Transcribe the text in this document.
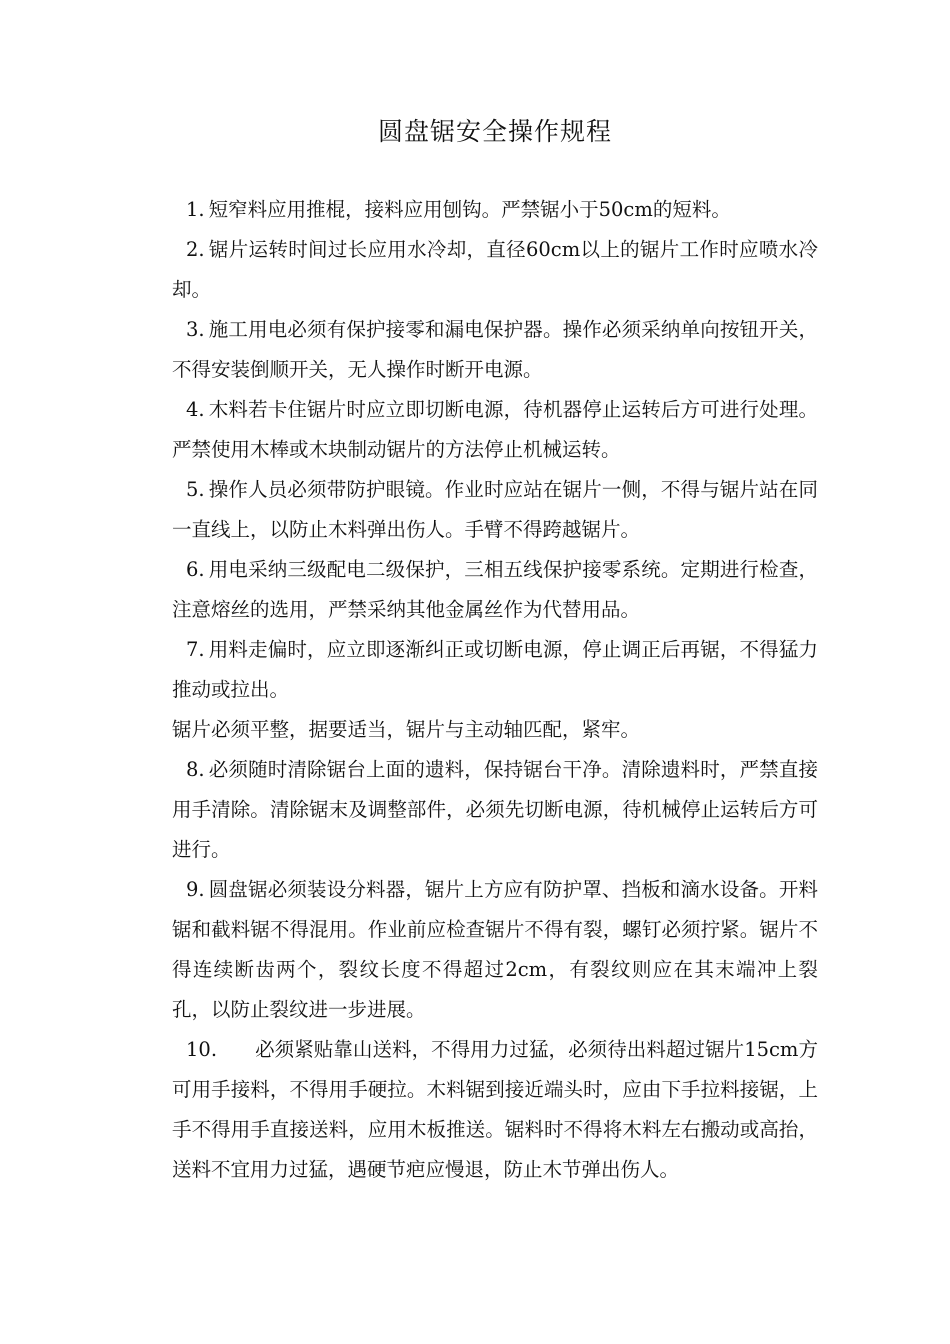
圆盘锯安全操作规程

1. 短窄料应用推棍，接料应用刨钩。严禁锯小于50cm的短料。

2. 锯片运转时间过长应用水冷却，直径60cm以上的锯片工作时应喷水冷却。

3. 施工用电必须有保护接零和漏电保护器。操作必须采纳单向按钮开关，不得安装倒顺开关，无人操作时断开电源。

4. 木料若卡住锯片时应立即切断电源，待机器停止运转后方可进行处理。严禁使用木棒或木块制动锯片的方法停止机械运转。

5. 操作人员必须带防护眼镜。作业时应站在锯片一侧，不得与锯片站在同一直线上，以防止木料弹出伤人。手臂不得跨越锯片。

6. 用电采纳三级配电二级保护，三相五线保护接零系统。定期进行检查，注意熔丝的选用，严禁采纳其他金属丝作为代替用品。

7. 用料走偏时，应立即逐渐纠正或切断电源，停止调正后再锯，不得猛力推动或拉出。

锯片必须平整，据要适当，锯片与主动轴匹配，紧牢。

8. 必须随时清除锯台上面的遗料，保持锯台干净。清除遗料时，严禁直接用手清除。清除锯末及调整部件，必须先切断电源，待机械停止运转后方可进行。

9. 圆盘锯必须装设分料器，锯片上方应有防护罩、挡板和滴水设备。开料锯和截料锯不得混用。作业前应检查锯片不得有裂，螺钉必须拧紧。锯片不得连续断齿两个，裂纹长度不得超过2cm，有裂纹则应在其末端冲上裂孔，以防止裂纹进一步进展。

10. 必须紧贴靠山送料，不得用力过猛，必须待出料超过锯片15cm方可用手接料，不得用手硬拉。木料锯到接近端头时，应由下手拉料接锯，上手不得用手直接送料，应用木板推送。锯料时不得将木料左右搬动或高抬，送料不宜用力过猛，遇硬节疤应慢退，防止木节弹出伤人。
